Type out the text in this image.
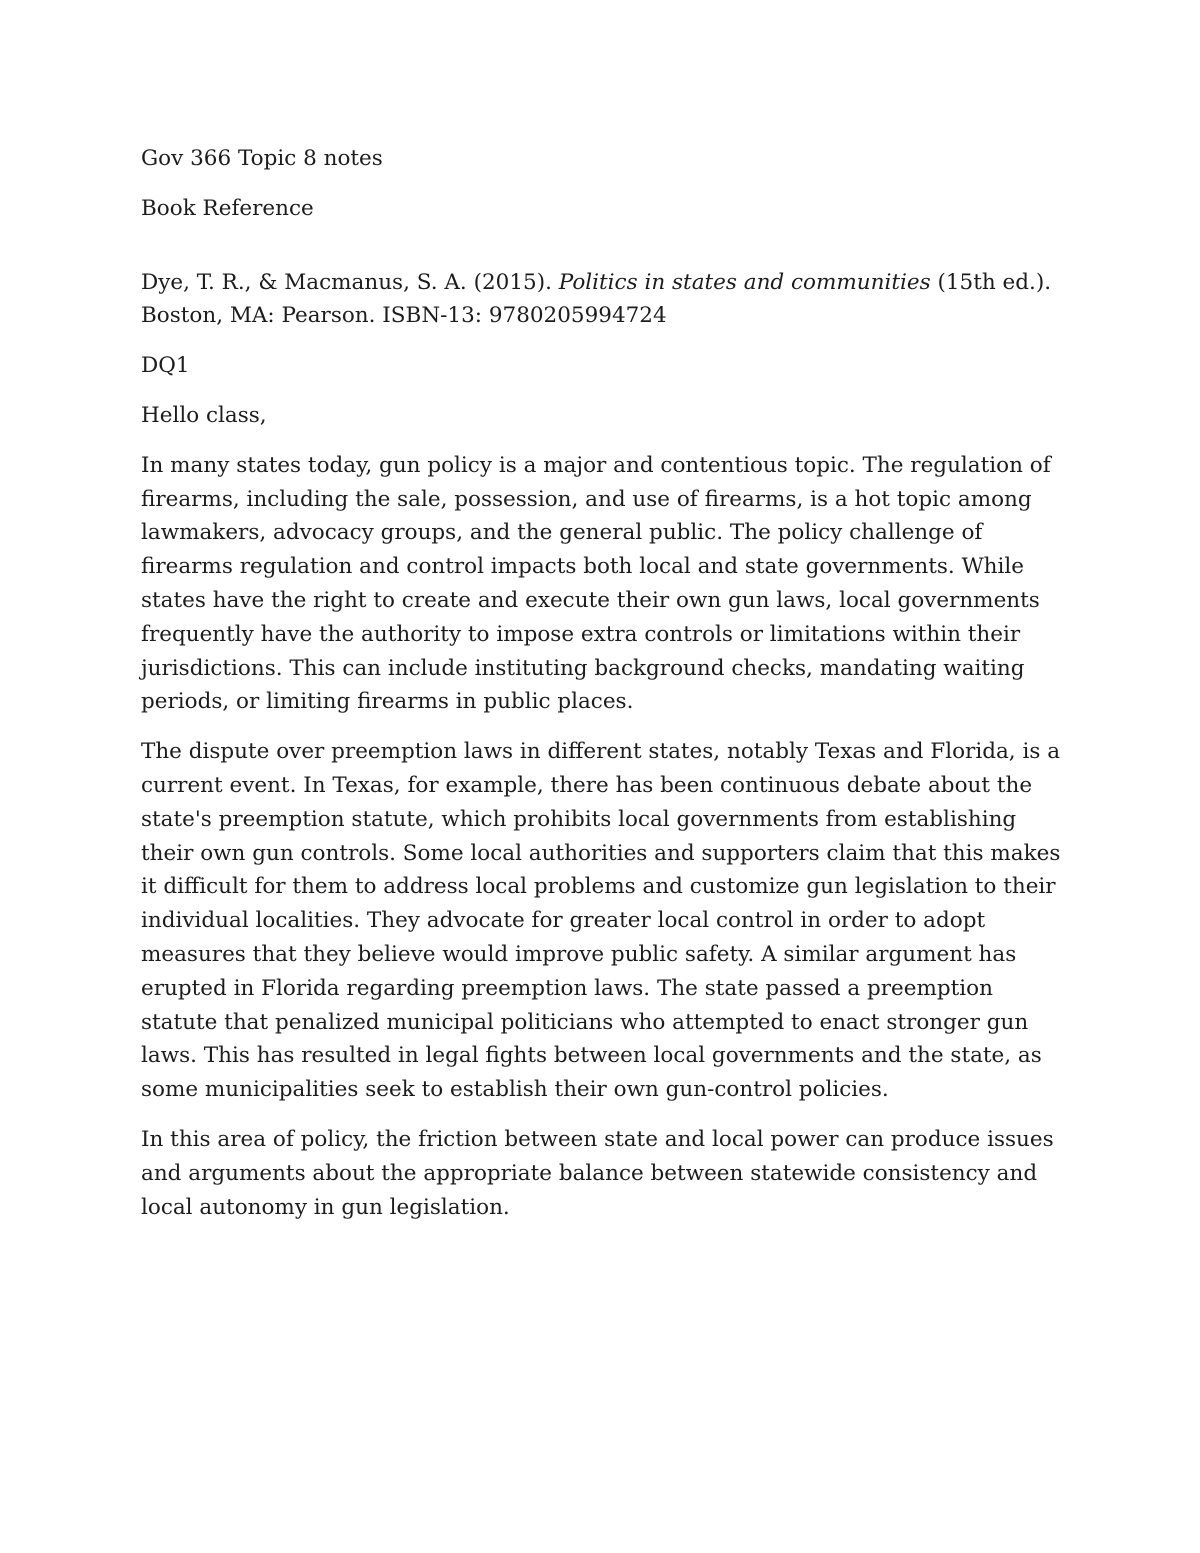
Gov 366 Topic 8 notes

Book Reference

Dye, T. R., & Macmanus, S. A. (2015). Politics in states and communities (15th ed.). Boston, MA: Pearson. ISBN-13: 9780205994724

DQ1

Hello class,

In many states today, gun policy is a major and contentious topic. The regulation of firearms, including the sale, possession, and use of firearms, is a hot topic among lawmakers, advocacy groups, and the general public. The policy challenge of firearms regulation and control impacts both local and state governments. While states have the right to create and execute their own gun laws, local governments frequently have the authority to impose extra controls or limitations within their jurisdictions. This can include instituting background checks, mandating waiting periods, or limiting firearms in public places.

The dispute over preemption laws in different states, notably Texas and Florida, is a current event. In Texas, for example, there has been continuous debate about the state's preemption statute, which prohibits local governments from establishing their own gun controls. Some local authorities and supporters claim that this makes it difficult for them to address local problems and customize gun legislation to their individual localities. They advocate for greater local control in order to adopt measures that they believe would improve public safety. A similar argument has erupted in Florida regarding preemption laws. The state passed a preemption statute that penalized municipal politicians who attempted to enact stronger gun laws. This has resulted in legal fights between local governments and the state, as some municipalities seek to establish their own gun-control policies.

In this area of policy, the friction between state and local power can produce issues and arguments about the appropriate balance between statewide consistency and local autonomy in gun legislation.
